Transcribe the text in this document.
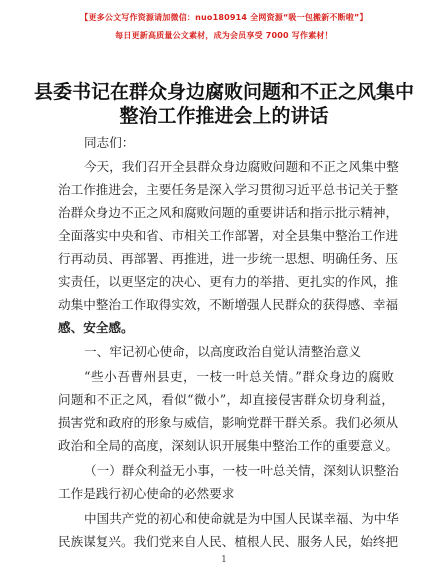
【更多公文写作资源请加微信：nuo180914 全网资源“吸一包搬新不断啦”】
每日更新高质量公文素材，成为会员享受 7000 写作素材！
县委书记在群众身边腐败问题和不正之风集中
整治工作推进会上的讲话
同志们：
今天，我们召开全县群众身边腐败问题和不正之风集中整
治工作推进会，主要任务是深入学习贯彻习近平总书记关于整
治群众身边不正之风和腐败问题的重要讲话和指示批示精神，
全面落实中央和省、市相关工作部署，对全县集中整治工作进
行再动员、再部署、再推进，进一步统一思想、明确任务、压
实责任，以更坚定的决心、更有力的举措、更扎实的作风，推
动集中整治工作取得实效，不断增强人民群众的获得感、幸福
感、安全感。
一、牢记初心使命，以高度政治自觉认清整治意义
“些小吾曹州县吏，一枝一叶总关情。”群众身边的腐败
问题和不正之风，看似“微小”，却直接侵害群众切身利益，
损害党和政府的形象与威信，影响党群干群关系。我们必须从
政治和全局的高度，深刻认识开展集中整治工作的重要意义。
（一）群众利益无小事，一枝一叶总关情，深刻认识整治
工作是践行初心使命的必然要求
中国共产党的初心和使命就是为中国人民谋幸福、为中华
民族谋复兴。我们党来自人民、植根人民、服务人民，始终把
1
